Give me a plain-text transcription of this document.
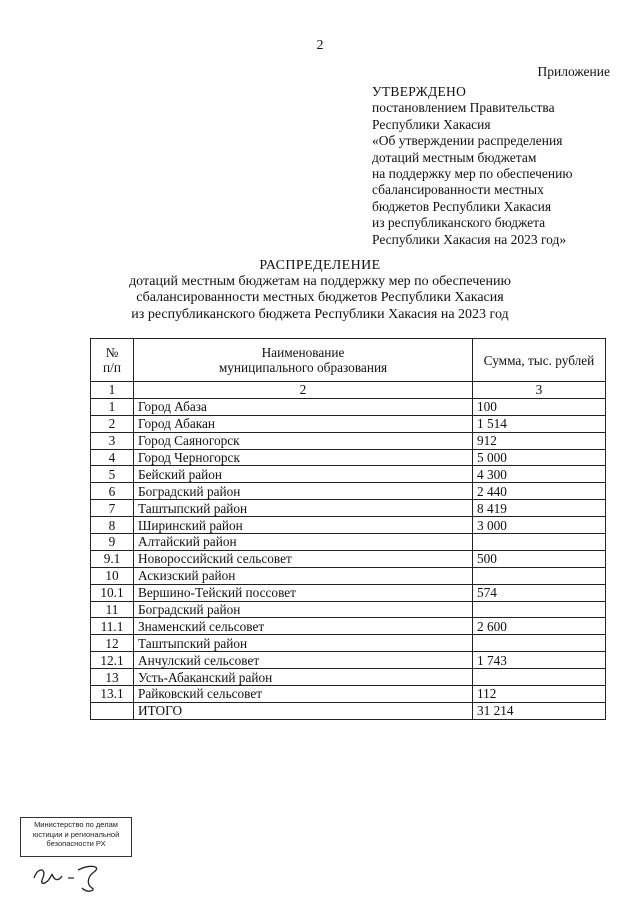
2
Приложение
УТВЕРЖДЕНО
постановлением Правительства
Республики Хакасия
«Об утверждении распределения
дотаций местным бюджетам
на поддержку мер по обеспечению
сбалансированности местных
бюджетов Республики Хакасия
из республиканского бюджета
Республики Хакасия на 2023 год»
РАСПРЕДЕЛЕНИЕ
дотаций местным бюджетам на поддержку мер по обеспечению
сбалансированности местных бюджетов Республики Хакасия
из республиканского бюджета Республики Хакасия на 2023 год
№
п/п	Наименование
муниципального образования	Сумма, тыс. рублей
1	2	3
1	Город Абаза	100
2	Город Абакан	1 514
3	Город Саяногорск	912
4	Город Черногорск	5 000
5	Бейский район	4 300
6	Боградский район	2 440
7	Таштыпский район	8 419
8	Ширинский район	3 000
9	Алтайский район	
9.1	Новороссийский сельсовет	500
10	Аскизский район	
10.1	Вершино-Тейский поссовет	574
11	Боградский район	
11.1	Знаменский сельсовет	2 600
12	Таштыпский район	
12.1	Анчулский сельсовет	1 743
13	Усть-Абаканский район	
13.1	Райковский сельсовет	112
	ИТОГО	31 214
Министерство по делам
юстиции и региональной
безопасности РХ
